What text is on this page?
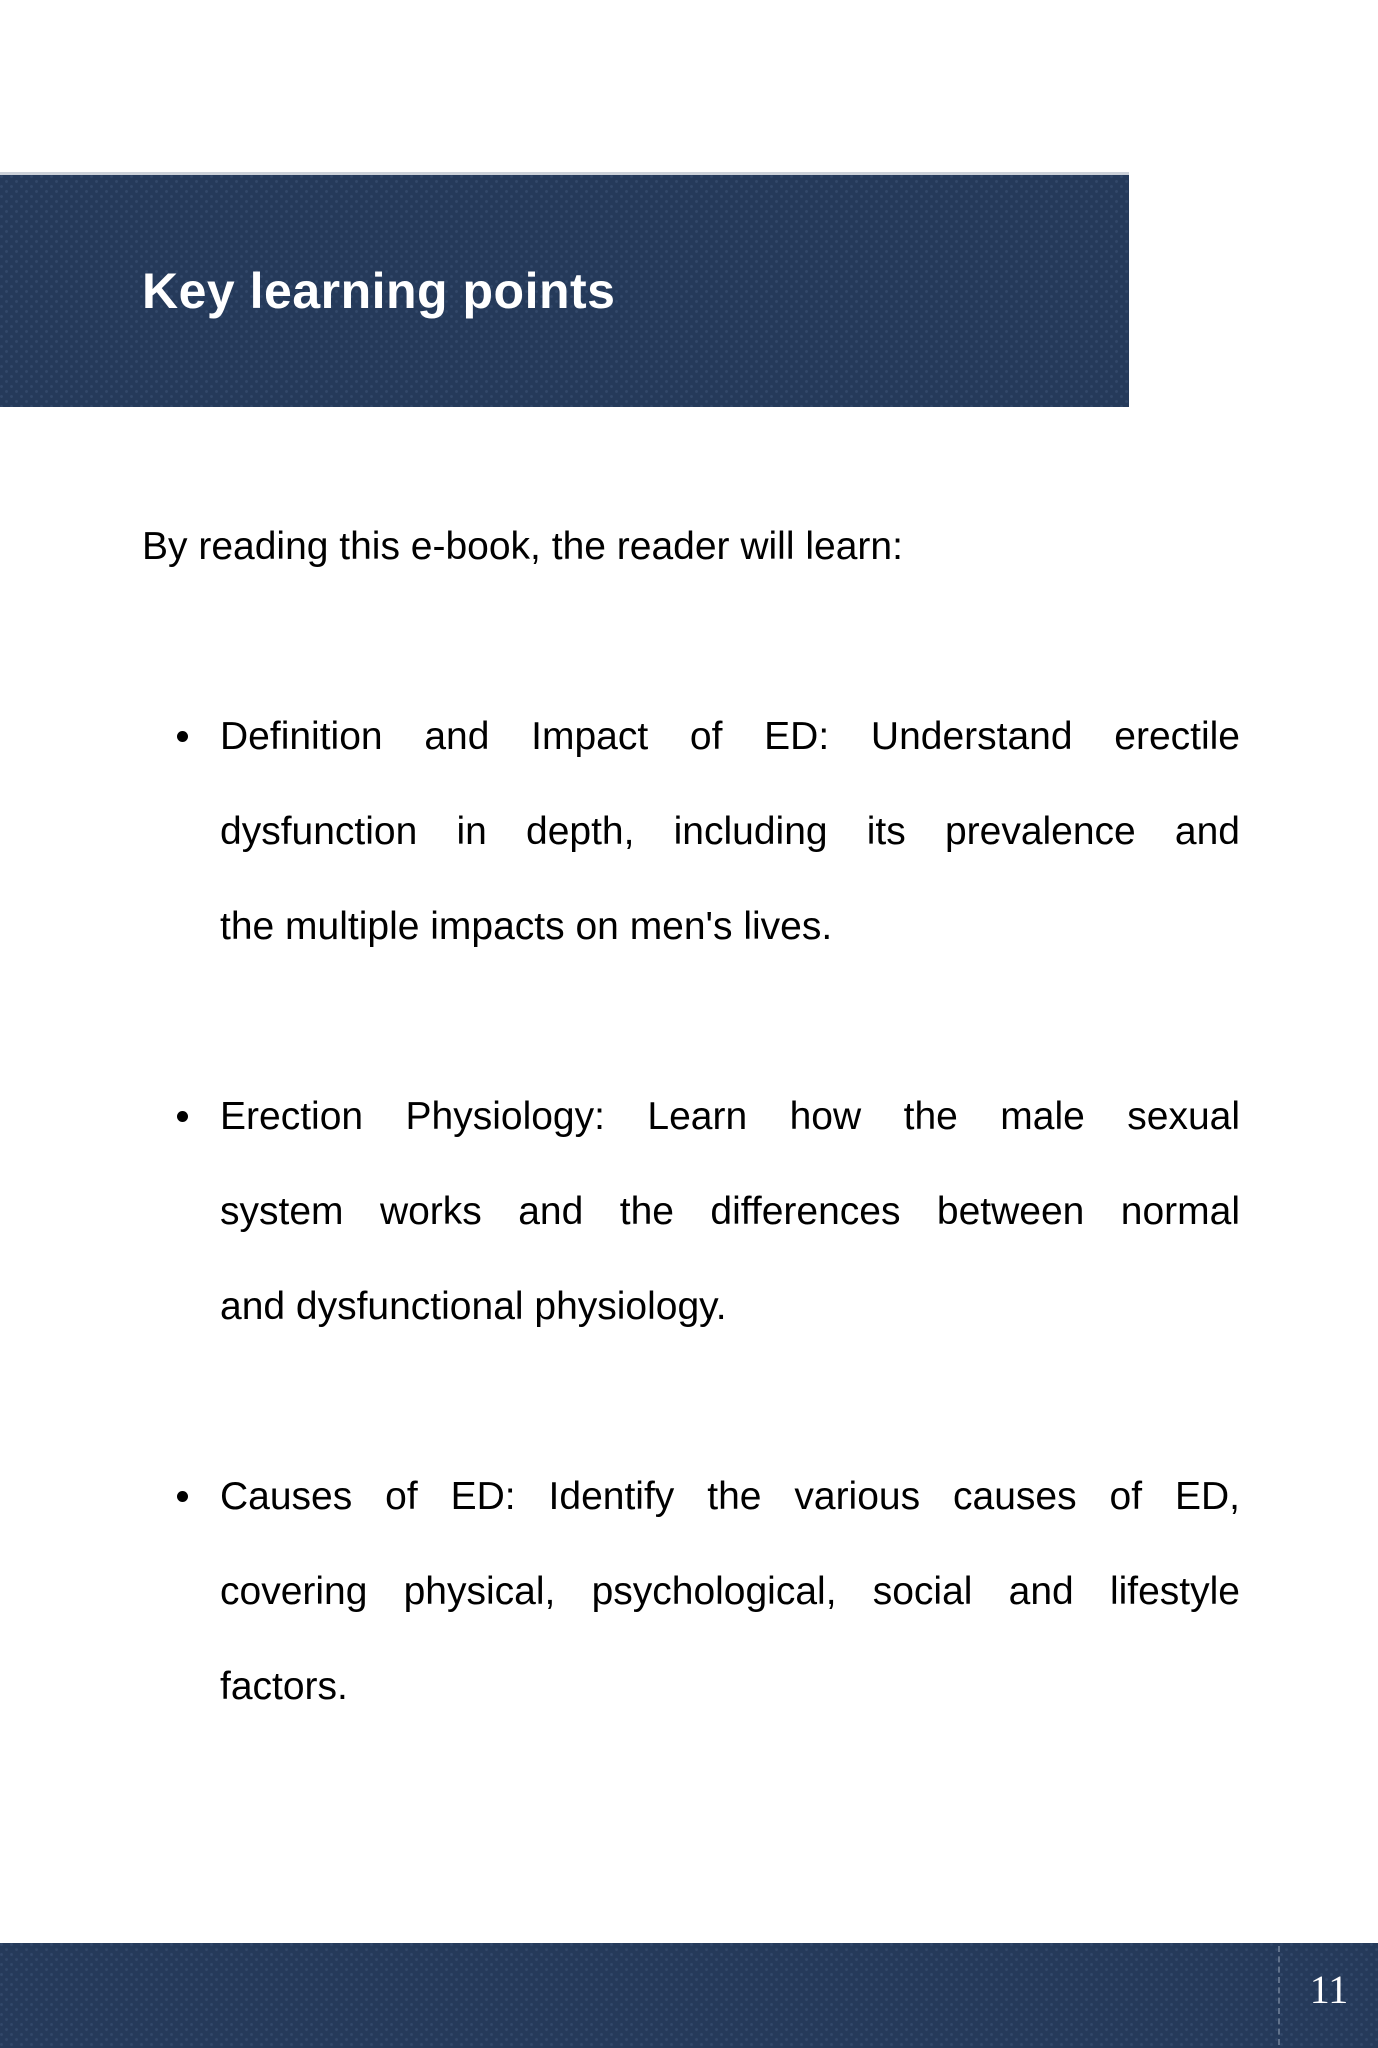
Key learning points

By reading this e-book, the reader will learn:

Definition and Impact of ED: Understand erectile
dysfunction in depth, including its prevalence and
the multiple impacts on men's lives.
Erection Physiology: Learn how the male sexual
system works and the differences between normal
and dysfunctional physiology.
Causes of ED: Identify the various causes of ED,
covering physical, psychological, social and lifestyle
factors.
11
